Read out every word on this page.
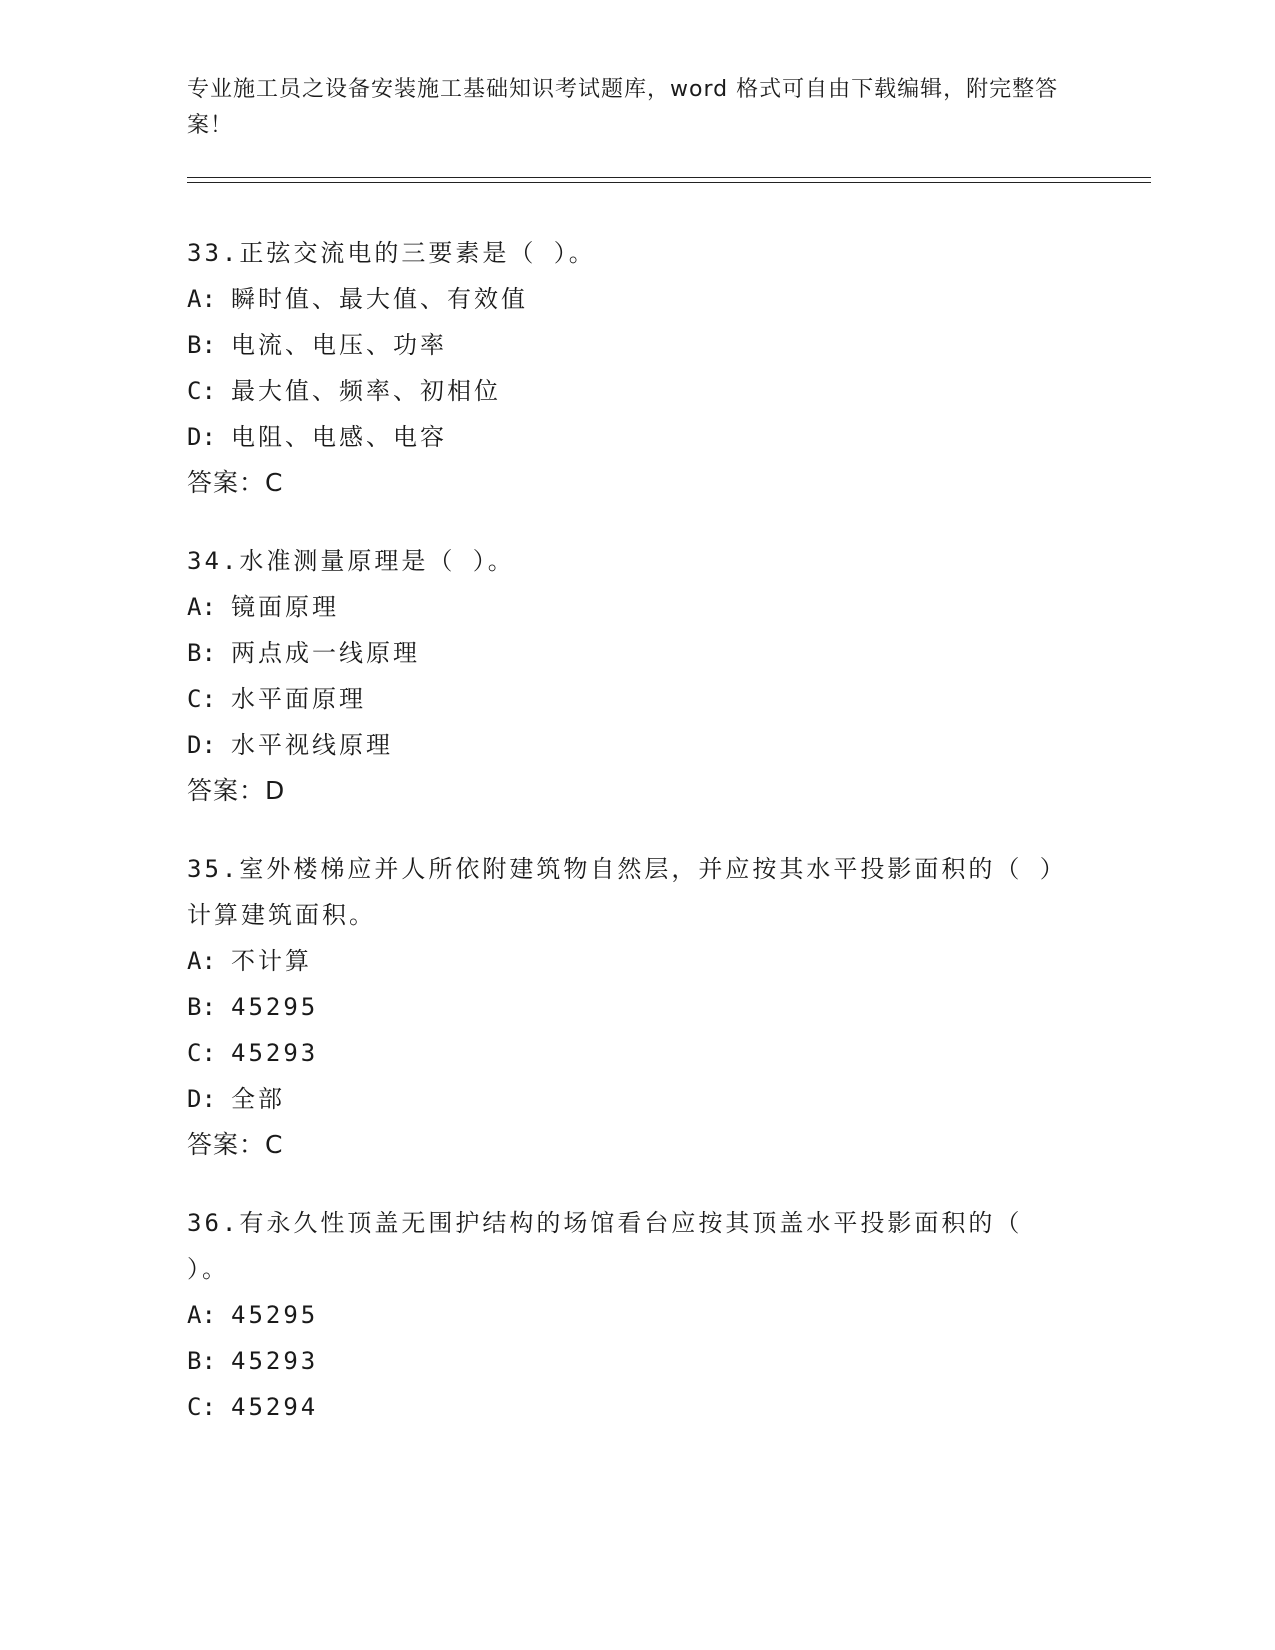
专业施工员之设备安装施工基础知识考试题库，word 格式可自由下载编辑，附完整答案！
33.正弦交流电的三要素是（ ）。
A: 瞬时值、最大值、有效值
B: 电流、电压、功率
C: 最大值、频率、初相位
D: 电阻、电感、电容
答案：C
34.水准测量原理是（ ）。
A: 镜面原理
B: 两点成一线原理
C: 水平面原理
D: 水平视线原理
答案：D
35.室外楼梯应并人所依附建筑物自然层，并应按其水平投影面积的（ ）计算建筑面积。
A: 不计算
B: 45295
C: 45293
D: 全部
答案：C
36.有永久性顶盖无围护结构的场馆看台应按其顶盖水平投影面积的（ ）。
A: 45295
B: 45293
C: 45294
